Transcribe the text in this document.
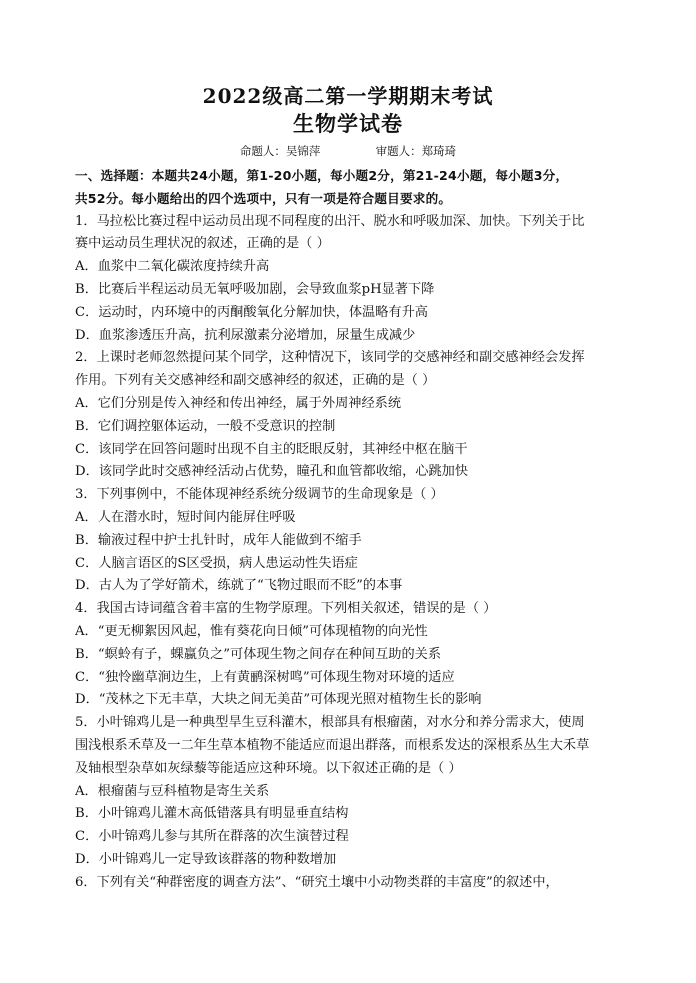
2022级高二第一学期期末考试
生物学试卷
命题人：吴锦萍	审题人：郑琦琦
一、选择题：本题共24小题，第1-20小题，每小题2分，第21-24小题，每小题3分，
共52分。每小题给出的四个选项中，只有一项是符合题目要求的。
1．马拉松比赛过程中运动员出现不同程度的出汗、脱水和呼吸加深、加快。下列关于比
赛中运动员生理状况的叙述，正确的是（ ）
A．血浆中二氧化碳浓度持续升高
B．比赛后半程运动员无氧呼吸加剧，会导致血浆pH显著下降
C．运动时，内环境中的丙酮酸氧化分解加快，体温略有升高
D．血浆渗透压升高，抗利尿激素分泌增加，尿量生成减少
2．上课时老师忽然提问某个同学，这种情况下，该同学的交感神经和副交感神经会发挥
作用。下列有关交感神经和副交感神经的叙述，正确的是（ ）
A．它们分别是传入神经和传出神经，属于外周神经系统
B．它们调控躯体运动，一般不受意识的控制
C．该同学在回答问题时出现不自主的眨眼反射，其神经中枢在脑干
D．该同学此时交感神经活动占优势，瞳孔和血管都收缩，心跳加快
3．下列事例中，不能体现神经系统分级调节的生命现象是（ ）
A．人在潜水时，短时间内能屏住呼吸
B．输液过程中护士扎针时，成年人能做到不缩手
C．人脑言语区的S区受损，病人患运动性失语症
D．古人为了学好箭术，练就了“飞物过眼而不眨”的本事
4．我国古诗词蕴含着丰富的生物学原理。下列相关叙述，错误的是（ ）
A．“更无柳絮因风起，惟有葵花向日倾”可体现植物的向光性
B．“螟蛉有子，蜾蠃负之”可体现生物之间存在种间互助的关系
C．“独怜幽草涧边生，上有黄鹂深树鸣”可体现生物对环境的适应
D．“茂林之下无丰草，大块之间无美苗”可体现光照对植物生长的影响
5．小叶锦鸡儿是一种典型旱生豆科灌木，根部具有根瘤菌，对水分和养分需求大，使周
围浅根系禾草及一二年生草本植物不能适应而退出群落，而根系发达的深根系丛生大禾草
及轴根型杂草如灰绿藜等能适应这种环境。以下叙述正确的是（ ）
A．根瘤菌与豆科植物是寄生关系
B．小叶锦鸡儿灌木高低错落具有明显垂直结构
C．小叶锦鸡儿参与其所在群落的次生演替过程
D．小叶锦鸡儿一定导致该群落的物种数增加
6．下列有关“种群密度的调查方法”、“研究土壤中小动物类群的丰富度”的叙述中，
